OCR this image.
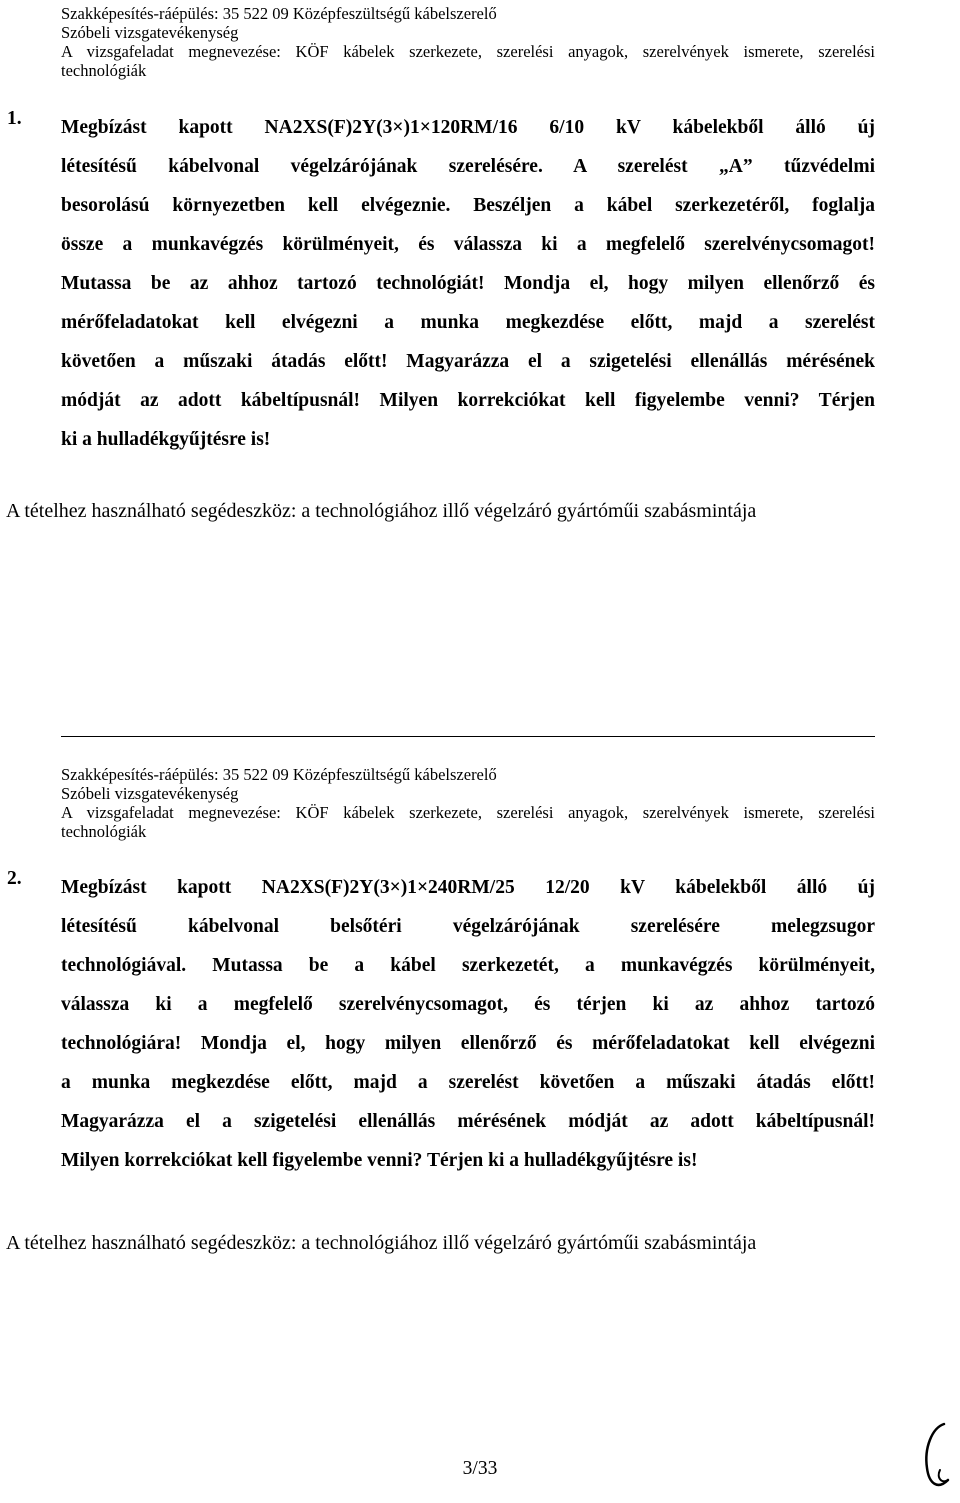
Szakképesítés-ráépülés: 35 522 09 Középfeszültségű kábelszerelő
Szóbeli vizsgatevékenység
A vizsgafeladat megnevezése: KÖF kábelek szerkezete, szerelési anyagok, szerelvények ismerete, szerelési
technológiák
1. Megbízást kapott NA2XS(F)2Y(3×)1×120RM/16 6/10 kV kábelekből álló új
létesítésű kábelvonal végelzárójának szerelésére. A szerelést „A” tűzvédelmi
besorolású környezetben kell elvégeznie. Beszéljen a kábel szerkezetéről, foglalja
össze a munkavégzés körülményeit, és válassza ki a megfelelő szerelvénycsomagot!
Mutassa be az ahhoz tartozó technológiát! Mondja el, hogy milyen ellenőrző és
mérőfeladatokat kell elvégezni a munka megkezdése előtt, majd a szerelést
követően a műszaki átadás előtt! Magyarázza el a szigetelési ellenállás mérésének
módját az adott kábeltípusnál! Milyen korrekciókat kell figyelembe venni? Térjen
ki a hulladékgyűjtésre is!
A tételhez használható segédeszköz: a technológiához illő végelzáró gyártóműi szabásmintája
Szakképesítés-ráépülés: 35 522 09 Középfeszültségű kábelszerelő
Szóbeli vizsgatevékenység
A vizsgafeladat megnevezése: KÖF kábelek szerkezete, szerelési anyagok, szerelvények ismerete, szerelési
technológiák
2. Megbízást kapott NA2XS(F)2Y(3×)1×240RM/25 12/20 kV kábelekből álló új
létesítésű kábelvonal belsőtéri végelzárójának szerelésére melegzsugor
technológiával. Mutassa be a kábel szerkezetét, a munkavégzés körülményeit,
válassza ki a megfelelő szerelvénycsomagot, és térjen ki az ahhoz tartozó
technológiára! Mondja el, hogy milyen ellenőrző és mérőfeladatokat kell elvégezni
a munka megkezdése előtt, majd a szerelést követően a műszaki átadás előtt!
Magyarázza el a szigetelési ellenállás mérésének módját az adott kábeltípusnál!
Milyen korrekciókat kell figyelembe venni? Térjen ki a hulladékgyűjtésre is!
A tételhez használható segédeszköz: a technológiához illő végelzáró gyártóműi szabásmintája
3/33
